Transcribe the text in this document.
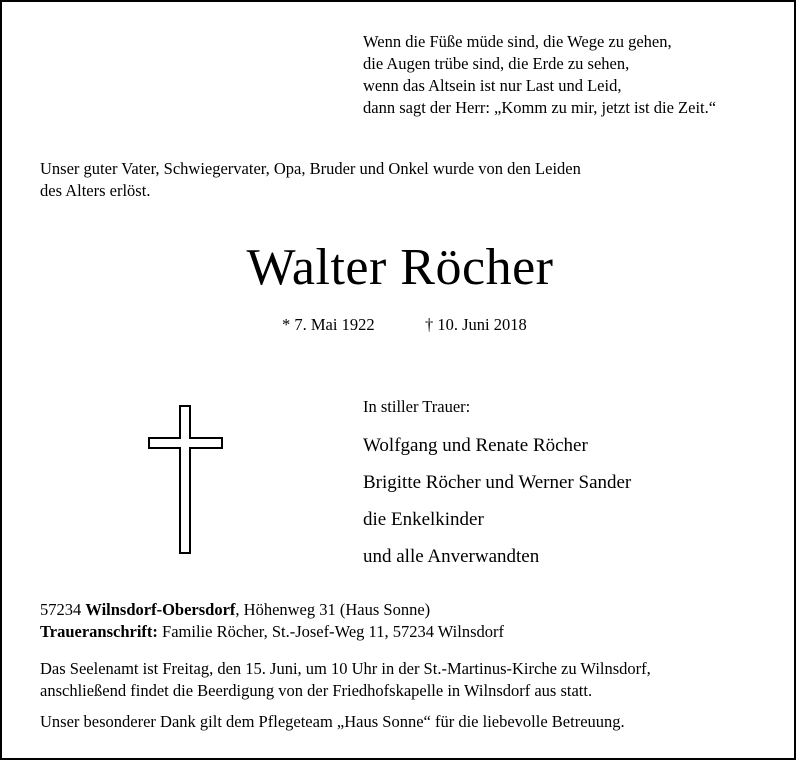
Wenn die Füße müde sind, die Wege zu gehen,
die Augen trübe sind, die Erde zu sehen,
wenn das Altsein ist nur Last und Leid,
dann sagt der Herr: „Komm zu mir, jetzt ist die Zeit.“
Unser guter Vater, Schwiegervater, Opa, Bruder und Onkel wurde von den Leiden
des Alters erlöst.
Walter Röcher
* 7. Mai 1922	† 10. Juni 2018
In stiller Trauer:
Wolfgang und Renate Röcher
Brigitte Röcher und Werner Sander
die Enkelkinder
und alle Anverwandten
57234 Wilnsdorf-Obersdorf, Höhenweg 31 (Haus Sonne)
Traueranschrift: Familie Röcher, St.-Josef-Weg 11, 57234 Wilnsdorf
Das Seelenamt ist Freitag, den 15. Juni, um 10 Uhr in der St.-Martinus-Kirche zu Wilnsdorf,
anschließend findet die Beerdigung von der Friedhofskapelle in Wilnsdorf aus statt.
Unser besonderer Dank gilt dem Pflegeteam „Haus Sonne“ für die liebevolle Betreuung.
